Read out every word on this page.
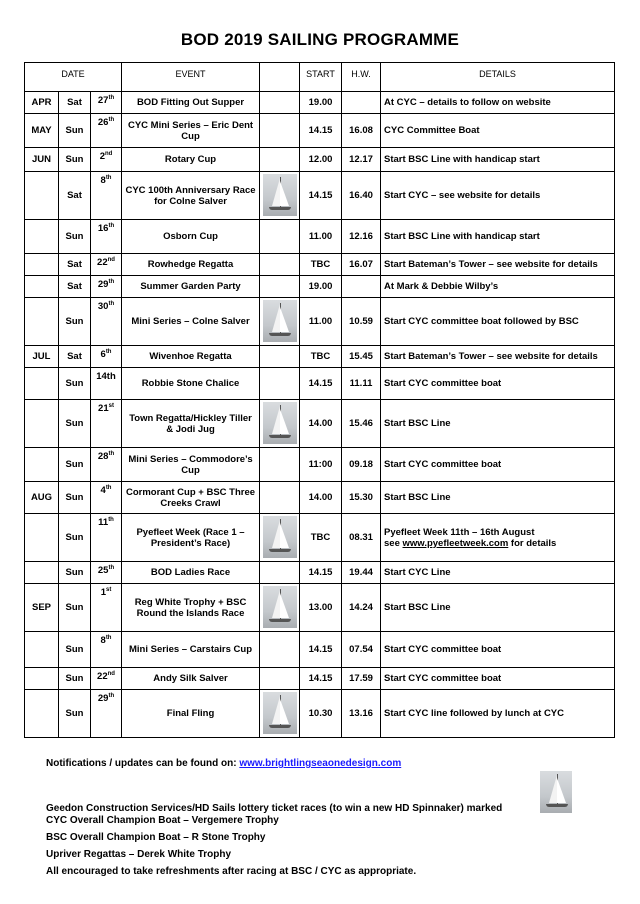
BOD 2019 SAILING PROGRAMME
DATE			EVENT		START	H.W.	DETAILS
APR	Sat	27th	BOD Fitting Out Supper		19.00		At CYC – details to follow on website

MAY	Sun	26th	CYC Mini Series – Eric Dent Cup		14.15	16.08	CYC Committee Boat

JUN	Sun	2nd	Rotary Cup		12.00	12.17	Start BSC Line with handicap start

	Sat	8th	CYC 100th Anniversary Race for Colne Salver		14.15	16.40	Start CYC – see website for details

	Sun	16th	Osborn Cup		11.00	12.16	Start BSC Line with handicap start

	Sat	22nd	Rowhedge Regatta		TBC	16.07	Start Bateman’s Tower – see website for details

	Sat	29th	Summer Garden Party		19.00		At Mark & Debbie Wilby’s

	Sun	30th	Mini Series – Colne Salver		11.00	10.59	Start CYC committee boat followed by BSC

JUL	Sat	6th	Wivenhoe Regatta		TBC	15.45	Start Bateman’s Tower – see website for details

	Sun	14th	Robbie Stone Chalice		14.15	11.11	Start CYC committee boat

	Sun	21st	Town Regatta/Hickley Tiller & Jodi Jug		14.00	15.46	Start BSC Line

	Sun	28th	Mini Series – Commodore’s Cup		11:00	09.18	Start CYC committee boat

AUG	Sun	4th	Cormorant Cup + BSC Three Creeks Crawl		14.00	15.30	Start BSC Line

	Sun	11th	Pyefleet Week (Race 1 – President’s Race)		TBC	08.31	Pyefleet Week 11th – 16th August
see www.pyefleetweek.com for details

	Sun	25th	BOD Ladies Race		14.15	19.44	Start CYC Line

SEP	Sun	1st	Reg White Trophy + BSC Round the Islands Race		13.00	14.24	Start BSC Line

	Sun	8th	Mini Series – Carstairs Cup		14.15	07.54	Start CYC committee boat

	Sun	22nd	Andy Silk Salver		14.15	17.59	Start CYC committee boat

	Sun	29th	Final Fling		10.30	13.16	Start CYC line followed by lunch at CYC
Notifications / updates can be found on: www.brightlingseaonedesign.com
Geedon Construction Services/HD Sails lottery ticket races (to win a new HD Spinnaker) marked
CYC Overall Champion Boat – Vergemere Trophy
BSC Overall Champion Boat – R Stone Trophy
Upriver Regattas – Derek White Trophy
All encouraged to take refreshments after racing at BSC / CYC as appropriate.
